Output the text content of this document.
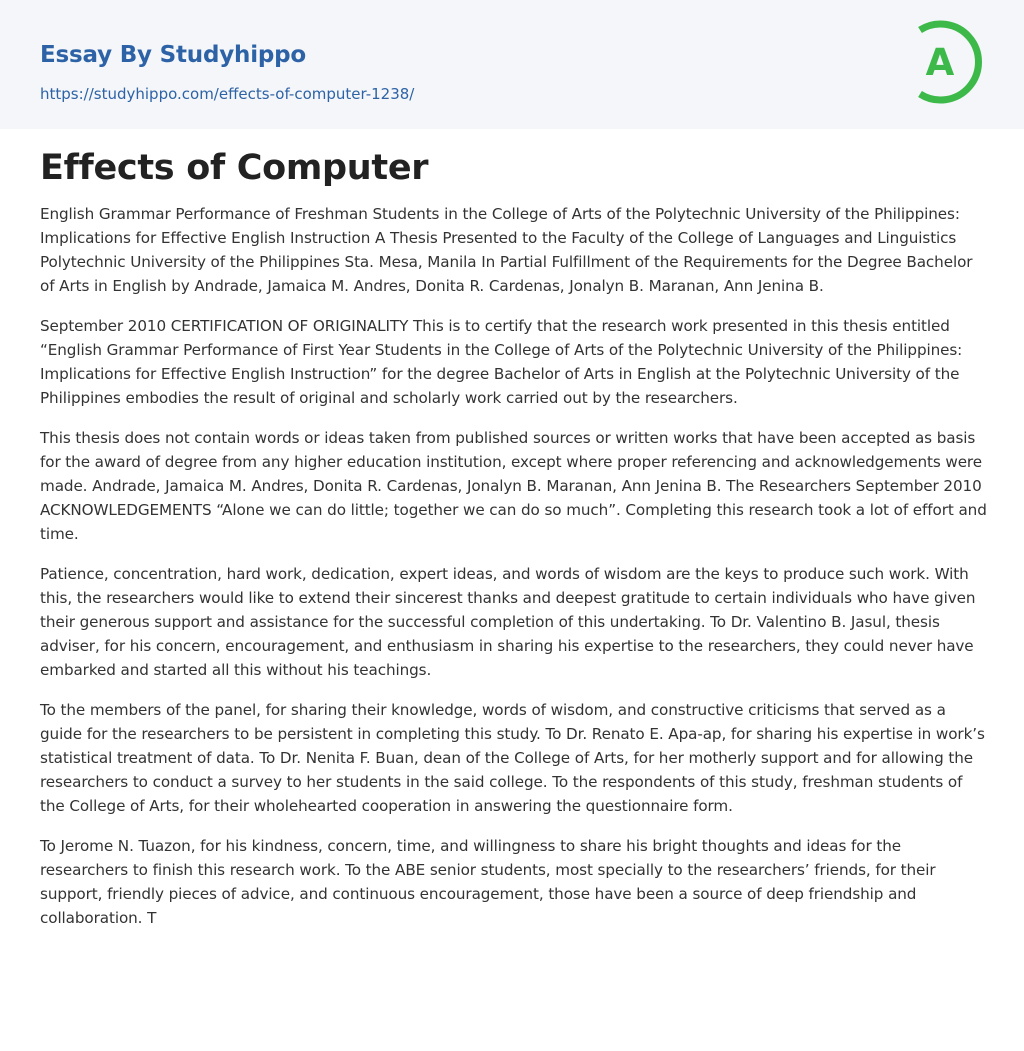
Essay By Studyhippo
https://studyhippo.com/effects-of-computer-1238/
A
Effects of Computer

English Grammar Performance of Freshman Students in the College of Arts of the Polytechnic University of the Philippines: Implications for Effective English Instruction A Thesis Presented to the Faculty of the College of Languages and Linguistics Polytechnic University of the Philippines Sta. Mesa, Manila In Partial Fulfillment of the Requirements for the Degree Bachelor of Arts in English by Andrade, Jamaica M. Andres, Donita R. Cardenas, Jonalyn B. Maranan, Ann Jenina B.

September 2010 CERTIFICATION OF ORIGINALITY This is to certify that the research work presented in this thesis entitled “English Grammar Performance of First Year Students in the College of Arts of the Polytechnic University of the Philippines: Implications for Effective English Instruction” for the degree Bachelor of Arts in English at the Polytechnic University of the Philippines embodies the result of original and scholarly work carried out by the researchers.

This thesis does not contain words or ideas taken from published sources or written works that have been accepted as basis for the award of degree from any higher education institution, except where proper referencing and acknowledgements were made. Andrade, Jamaica M. Andres, Donita R. Cardenas, Jonalyn B. Maranan, Ann Jenina B. The Researchers September 2010 ACKNOWLEDGEMENTS “Alone we can do little; together we can do so much”. Completing this research took a lot of effort and time.

Patience, concentration, hard work, dedication, expert ideas, and words of wisdom are the keys to produce such work. With this, the researchers would like to extend their sincerest thanks and deepest gratitude to certain individuals who have given their generous support and assistance for the successful completion of this undertaking. To Dr. Valentino B. Jasul, thesis adviser, for his concern, encouragement, and enthusiasm in sharing his expertise to the researchers, they could never have embarked and started all this without his teachings.

To the members of the panel, for sharing their knowledge, words of wisdom, and constructive criticisms that served as a guide for the researchers to be persistent in completing this study. To Dr. Renato E. Apa-ap, for sharing his expertise in work’s statistical treatment of data. To Dr. Nenita F. Buan, dean of the College of Arts, for her motherly support and for allowing the researchers to conduct a survey to her students in the said college. To the respondents of this study, freshman students of the College of Arts, for their wholehearted cooperation in answering the questionnaire form.

To Jerome N. Tuazon, for his kindness, concern, time, and willingness to share his bright thoughts and ideas for the researchers to finish this research work. To the ABE senior students, most specially to the researchers’ friends, for their support, friendly pieces of advice, and continuous encouragement, those have been a source of deep friendship and collaboration. T
